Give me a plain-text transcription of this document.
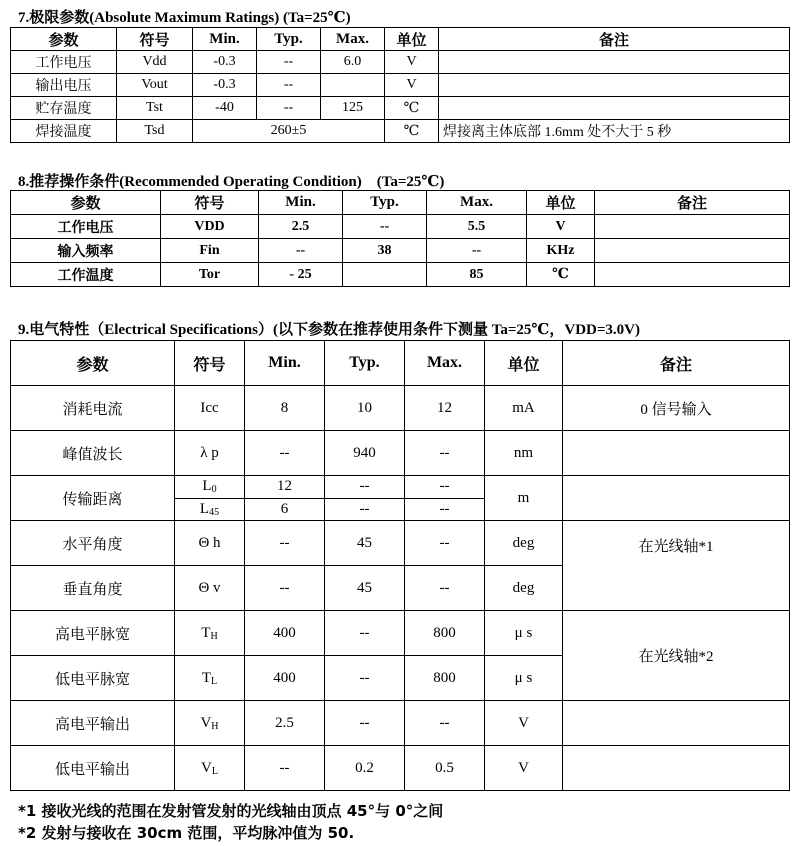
7.极限参数(Absolute Maximum Ratings) (Ta=25℃)
参数	符号	Min.	Typ.	Max.	单位	备注
工作电压	Vdd	-0.3	--	6.0	V	
输出电压	Vout	-0.3	--		V	
贮存温度	Tst	-40	--	125	℃	
焊接温度	Tsd	260±5			℃	焊接离主体底部 1.6mm 处不大于 5 秒
8.推荐操作条件(Recommended Operating Condition)　(Ta=25℃)
参数	符号	Min.	Typ.	Max.	单位	备注
工作电压	VDD	2.5	--	5.5	V	
输入频率	Fin	--	38	--	KHz	
工作温度	Tor	- 25		85	℃	
9.电气特性（Electrical Specifications）(以下参数在推荐使用条件下测量 Ta=25℃，VDD=3.0V)
参数	符号	Min.	Typ.	Max.	单位	备注
消耗电流	Icc	8	10	12	mA	0 信号输入
峰值波长	λ p	--	940	--	nm	
传输距离	$L_0$	12	--	--	m	
	$L_{45}$	6	--	--		
水平角度	Θ h	--	45	--	deg	在光线轴*1
垂直角度	Θ v	--	45	--	deg	
高电平脉宽	$T_H$	400	--	800	μ s	在光线轴*2
低电平脉宽	$T_L$	400	--	800	μ s	
高电平输出	$V_H$	2.5	--	--	V	
低电平输出	$V_L$	--	0.2	0.5	V	
*1 接收光线的范围在发射管发射的光线轴由顶点 45°与 0°之间
*2 发射与接收在 30cm 范围，平均脉冲值为 50.
